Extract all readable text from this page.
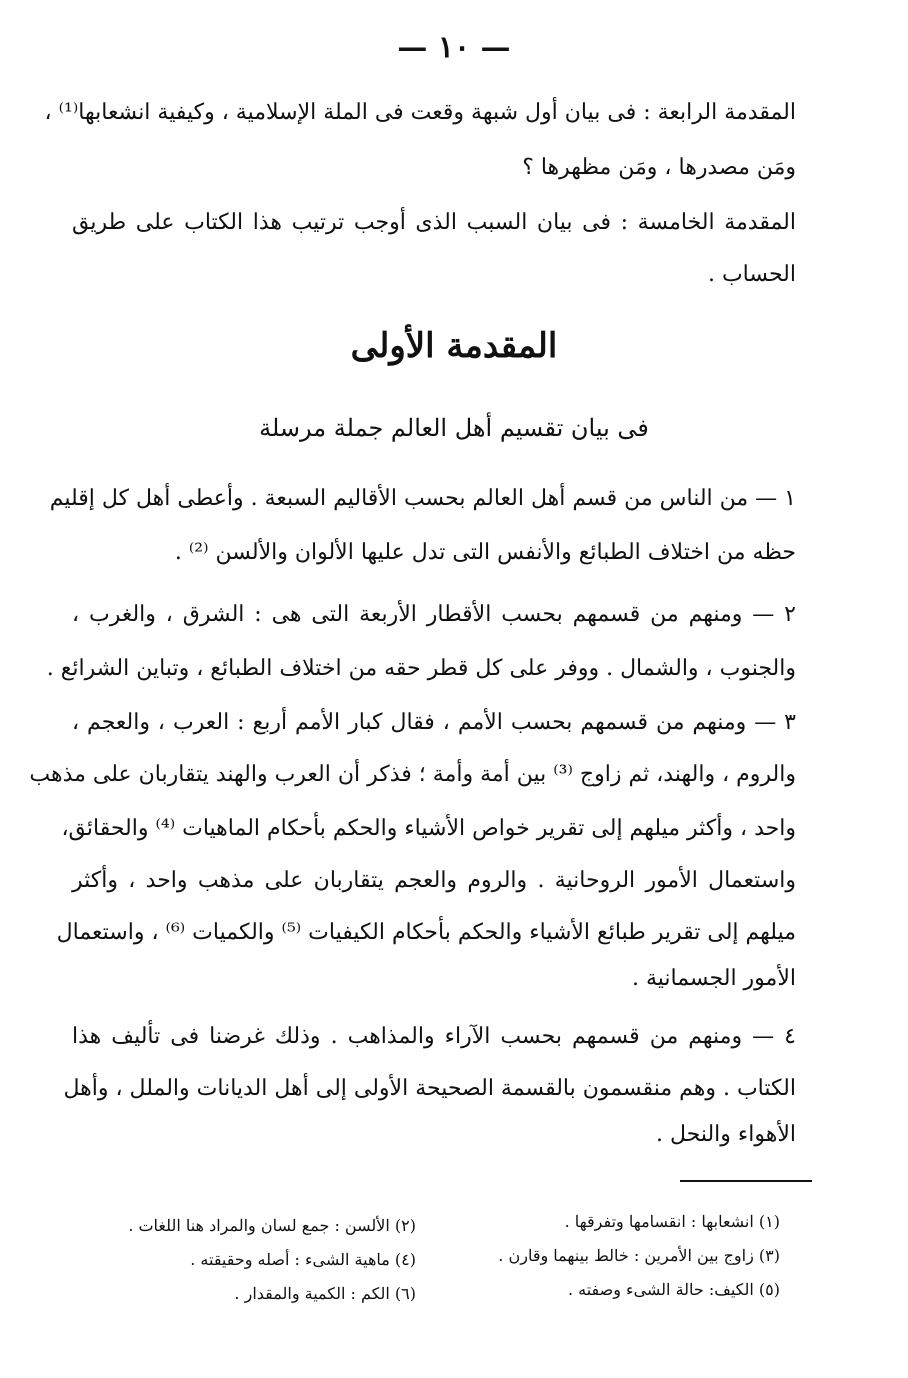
— ١٠ —
المقدمة الرابعة : فى بيان أول شبهة وقعت فى الملة الإسلامية ، وكيفية انشعابها⁽¹⁾ ،
ومَن مصدرها ، ومَن مظهرها ؟
المقدمة الخامسة : فى بيان السبب الذى أوجب ترتيب هذا الكتاب على طريق
الحساب .
المقدمة الأولى
فى بيان تقسيم أهل العالم جملة مرسلة
١ — من الناس من قسم أهل العالم بحسب الأقاليم السبعة . وأعطى أهل كل إقليم
حظه من اختلاف الطبائع والأنفس التى تدل عليها الألوان والألسن ⁽²⁾ .
٢ — ومنهم من قسمهم بحسب الأقطار الأربعة التى هى : الشرق ، والغرب ،
والجنوب ، والشمال . ووفر على كل قطر حقه من اختلاف الطبائع ، وتباين الشرائع .
٣ — ومنهم من قسمهم بحسب الأمم ، فقال كبار الأمم أربع : العرب ، والعجم ،
والروم ، والهند، ثم زاوج ⁽³⁾ بين أمة وأمة ؛ فذكر أن العرب والهند يتقاربان على مذهب
واحد ، وأكثر ميلهم إلى تقرير خواص الأشياء والحكم بأحكام الماهيات ⁽⁴⁾ والحقائق،
واستعمال الأمور الروحانية . والروم والعجم يتقاربان على مذهب واحد ، وأكثر
ميلهم إلى تقرير طبائع الأشياء والحكم بأحكام الكيفيات ⁽⁵⁾ والكميات ⁽⁶⁾ ، واستعمال
الأمور الجسمانية .
٤ — ومنهم من قسمهم بحسب الآراء والمذاهب . وذلك غرضنا فى تأليف هذا
الكتاب . وهم منقسمون بالقسمة الصحيحة الأولى إلى أهل الديانات والملل ، وأهل
الأهواء والنحل .
(١) انشعابها : انقسامها وتفرقها .
(٣) زاوج بين الأمرين : خالط بينهما وقارن .
(٥) الكيف: حالة الشىء وصفته .
(٢) الألسن : جمع لسان والمراد هنا اللغات .
(٤) ماهية الشىء : أصله وحقيقته .
(٦) الكم : الكمية والمقدار .
